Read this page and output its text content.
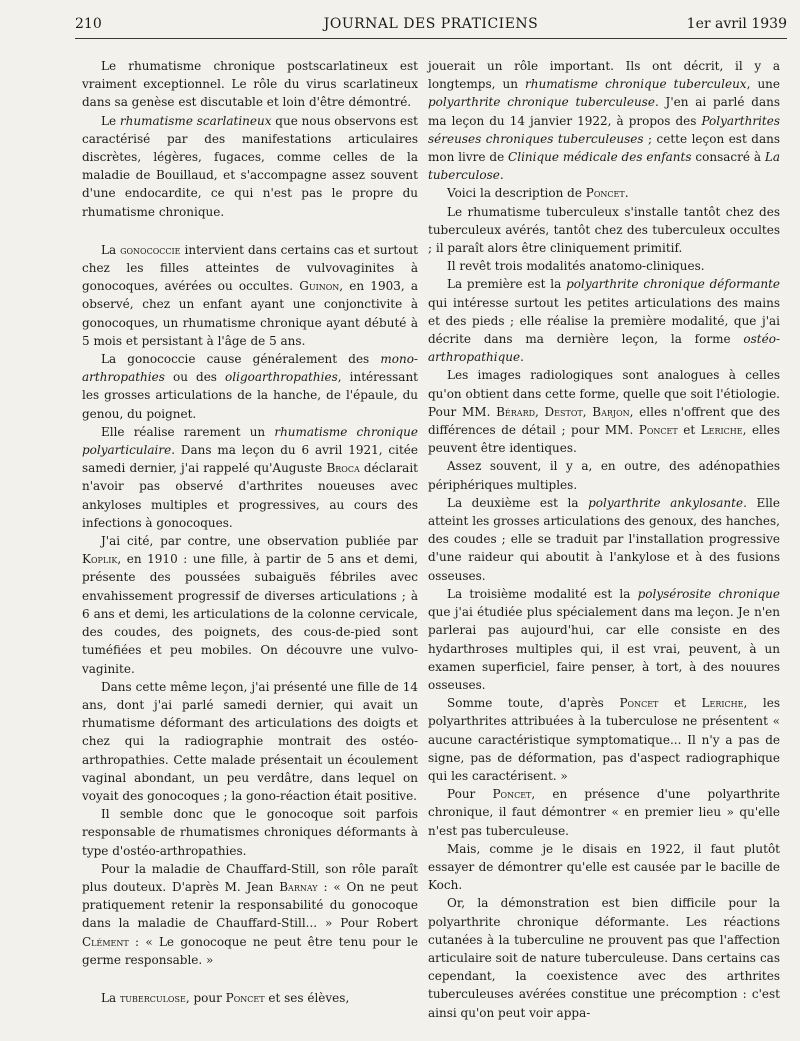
210	JOURNAL DES PRATICIENS	1er avril 1939

Le rhumatisme chronique postscarlatineux est vraiment exceptionnel. Le rôle du virus scarlatineux dans sa genèse est discutable et loin d'être démontré.

Le rhumatisme scarlatineux que nous observons est caractérisé par des manifestations articulaires discrètes, légères, fugaces, comme celles de la maladie de Bouillaud, et s'accompagne assez souvent d'une endocardite, ce qui n'est pas le propre du rhumatisme chronique.

La gonococcie intervient dans certains cas et surtout chez les filles atteintes de vulvovaginites à gonocoques, avérées ou occultes. Guinon, en 1903, a observé, chez un enfant ayant une conjonctivite à gonocoques, un rhumatisme chronique ayant débuté à 5 mois et persistant à l'âge de 5 ans.

La gonococcie cause généralement des mono-arthropathies ou des oligoarthropathies, intéressant les grosses articulations de la hanche, de l'épaule, du genou, du poignet.

Elle réalise rarement un rhumatisme chronique polyarticulaire. Dans ma leçon du 6 avril 1921, citée samedi dernier, j'ai rappelé qu'Auguste Broca déclarait n'avoir pas observé d'arthrites noueuses avec ankyloses multiples et progressives, au cours des infections à gonocoques.

J'ai cité, par contre, une observation publiée par Koplik, en 1910 : une fille, à partir de 5 ans et demi, présente des poussées subaiguës fébriles avec envahissement progressif de diverses articulations ; à 6 ans et demi, les articulations de la colonne cervicale, des coudes, des poignets, des cous-de-pied sont tuméfiées et peu mobiles. On découvre une vulvo-vaginite.

Dans cette même leçon, j'ai présenté une fille de 14 ans, dont j'ai parlé samedi dernier, qui avait un rhumatisme déformant des articulations des doigts et chez qui la radiographie montrait des ostéo-arthropathies. Cette malade présentait un écoulement vaginal abondant, un peu verdâtre, dans lequel on voyait des gonocoques ; la gono-réaction était positive.

Il semble donc que le gonocoque soit parfois responsable de rhumatismes chroniques déformants à type d'ostéo-arthropathies.

Pour la maladie de Chauffard-Still, son rôle paraît plus douteux. D'après M. Jean Barnay : « On ne peut pratiquement retenir la responsabilité du gonocoque dans la maladie de Chauffard-Still... » Pour Robert Clément : « Le gonocoque ne peut être tenu pour le germe responsable. »

La tuberculose, pour Poncet et ses élèves,

jouerait un rôle important. Ils ont décrit, il y a longtemps, un rhumatisme chronique tuberculeux, une polyarthrite chronique tuberculeuse. J'en ai parlé dans ma leçon du 14 janvier 1922, à propos des Polyarthrites séreuses chroniques tuberculeuses ; cette leçon est dans mon livre de Clinique médicale des enfants consacré à La tuberculose.

Voici la description de Poncet.

Le rhumatisme tuberculeux s'installe tantôt chez des tuberculeux avérés, tantôt chez des tuberculeux occultes ; il paraît alors être cliniquement primitif.

Il revêt trois modalités anatomo-cliniques.

La première est la polyarthrite chronique déformante qui intéresse surtout les petites articulations des mains et des pieds ; elle réalise la première modalité, que j'ai décrite dans ma dernière leçon, la forme ostéo-arthropathique.

Les images radiologiques sont analogues à celles qu'on obtient dans cette forme, quelle que soit l'étiologie. Pour MM. Bérard, Destot, Barjon, elles n'offrent que des différences de détail ; pour MM. Poncet et Leriche, elles peuvent être identiques.

Assez souvent, il y a, en outre, des adénopathies périphériques multiples.

La deuxième est la polyarthrite ankylosante. Elle atteint les grosses articulations des genoux, des hanches, des coudes ; elle se traduit par l'installation progressive d'une raideur qui aboutit à l'ankylose et à des fusions osseuses.

La troisième modalité est la polysérosite chronique que j'ai étudiée plus spécialement dans ma leçon. Je n'en parlerai pas aujourd'hui, car elle consiste en des hydarthroses multiples qui, il est vrai, peuvent, à un examen superficiel, faire penser, à tort, à des nouures osseuses.

Somme toute, d'après Poncet et Leriche, les polyarthrites attribuées à la tuberculose ne présentent « aucune caractéristique symptomatique... Il n'y a pas de signe, pas de déformation, pas d'aspect radiographique qui les caractérisent. »

Pour Poncet, en présence d'une polyarthrite chronique, il faut démontrer « en premier lieu » qu'elle n'est pas tuberculeuse.

Mais, comme je le disais en 1922, il faut plutôt essayer de démontrer qu'elle est causée par le bacille de Koch.

Or, la démonstration est bien difficile pour la polyarthrite chronique déformante. Les réactions cutanées à la tuberculine ne prouvent pas que l'affection articulaire soit de nature tuberculeuse. Dans certains cas cependant, la coexistence avec des arthrites tuberculeuses avérées constitue une précomption : c'est ainsi qu'on peut voir appa-
